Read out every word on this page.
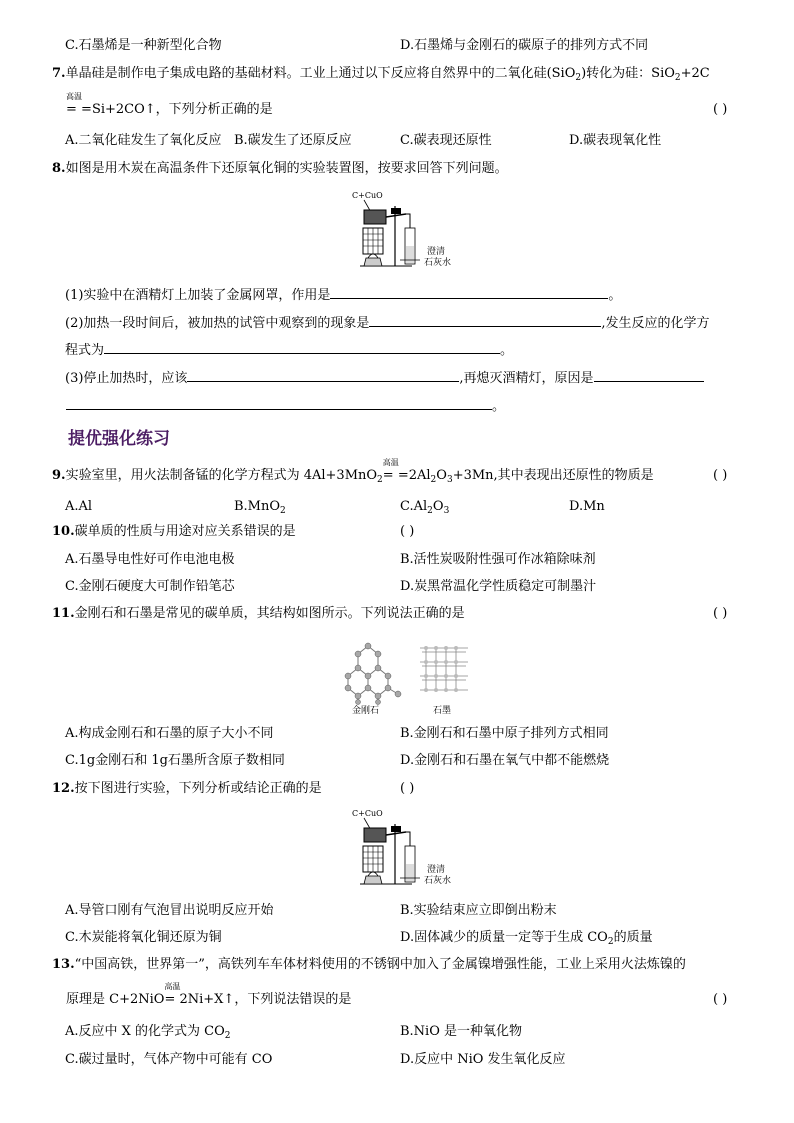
C.石墨烯是一种新型化合物	D.石墨烯与金刚石的碳原子的排列方式不同
7.单晶硅是制作电子集成电路的基础材料。工业上通过以下反应将自然界中的二氧化硅(SiO$_2$)转化为硅：SiO$_2$+2C
高温
= =Si+2CO↑，下列分析正确的是	( )
A.二氧化硅发生了氧化反应 B.碳发生了还原反应	C.碳表现还原性	D.碳表现氧化性
8.如图是用木炭在高温条件下还原氧化铜的实验装置图，按要求回答下列问题。
C+CuO
澄清
石灰水
(1)实验中在酒精灯上加装了金属网罩，作用是	。
(2)加热一段时间后，被加热的试管中观察到的现象是	,发生反应的化学方
程式为	。
(3)停止加热时，应该	,再熄灭酒精灯，原因是
。
提优强化练习
9.实验室里，用火法制备锰的化学方程式为 4Al+3MnO$_2$
高温
= $=2Al_2O_3+3Mn$,其中表现出还原性的物质是	( )
A.Al	B.MnO$_2$	$C.Al_2O_3$	D.Mn
10.碳单质的性质与用途对应关系错误的是	( )
A.石墨导电性好可作电池电极	B.活性炭吸附性强可作冰箱除味剂
C.金刚石硬度大可制作铅笔芯	D.炭黑常温化学性质稳定可制墨汁
11.金刚石和石墨是常见的碳单质，其结构如图所示。下列说法正确的是	( )
金刚石	石墨
A.构成金刚石和石墨的原子大小不同	B.金刚石和石墨中原子排列方式相同
C.1g金刚石和 1g石墨所含原子数相同	D.金刚石和石墨在氧气中都不能燃烧
12.按下图进行实验，下列分析或结论正确的是	( )
C+CuO
澄清
石灰水
A.导管口刚有气泡冒出说明反应开始	B.实验结束应立即倒出粉末
C.木炭能将氧化铜还原为铜	D.固体减少的质量一定等于生成 $CO_2$的质量
13.“中国高铁，世界第一”，高铁列车车体材料使用的不锈钢中加入了金属镍增强性能，工业上采用火法炼镍的
原理是 C+2NiO
高温
= 2Ni+X↑，下列说法错误的是	( )
A.反应中 X 的化学式为 $CO_2$	B.NiO 是一种氧化物
C.碳过量时，气体产物中可能有 CO	D.反应中 NiO 发生氧化反应
